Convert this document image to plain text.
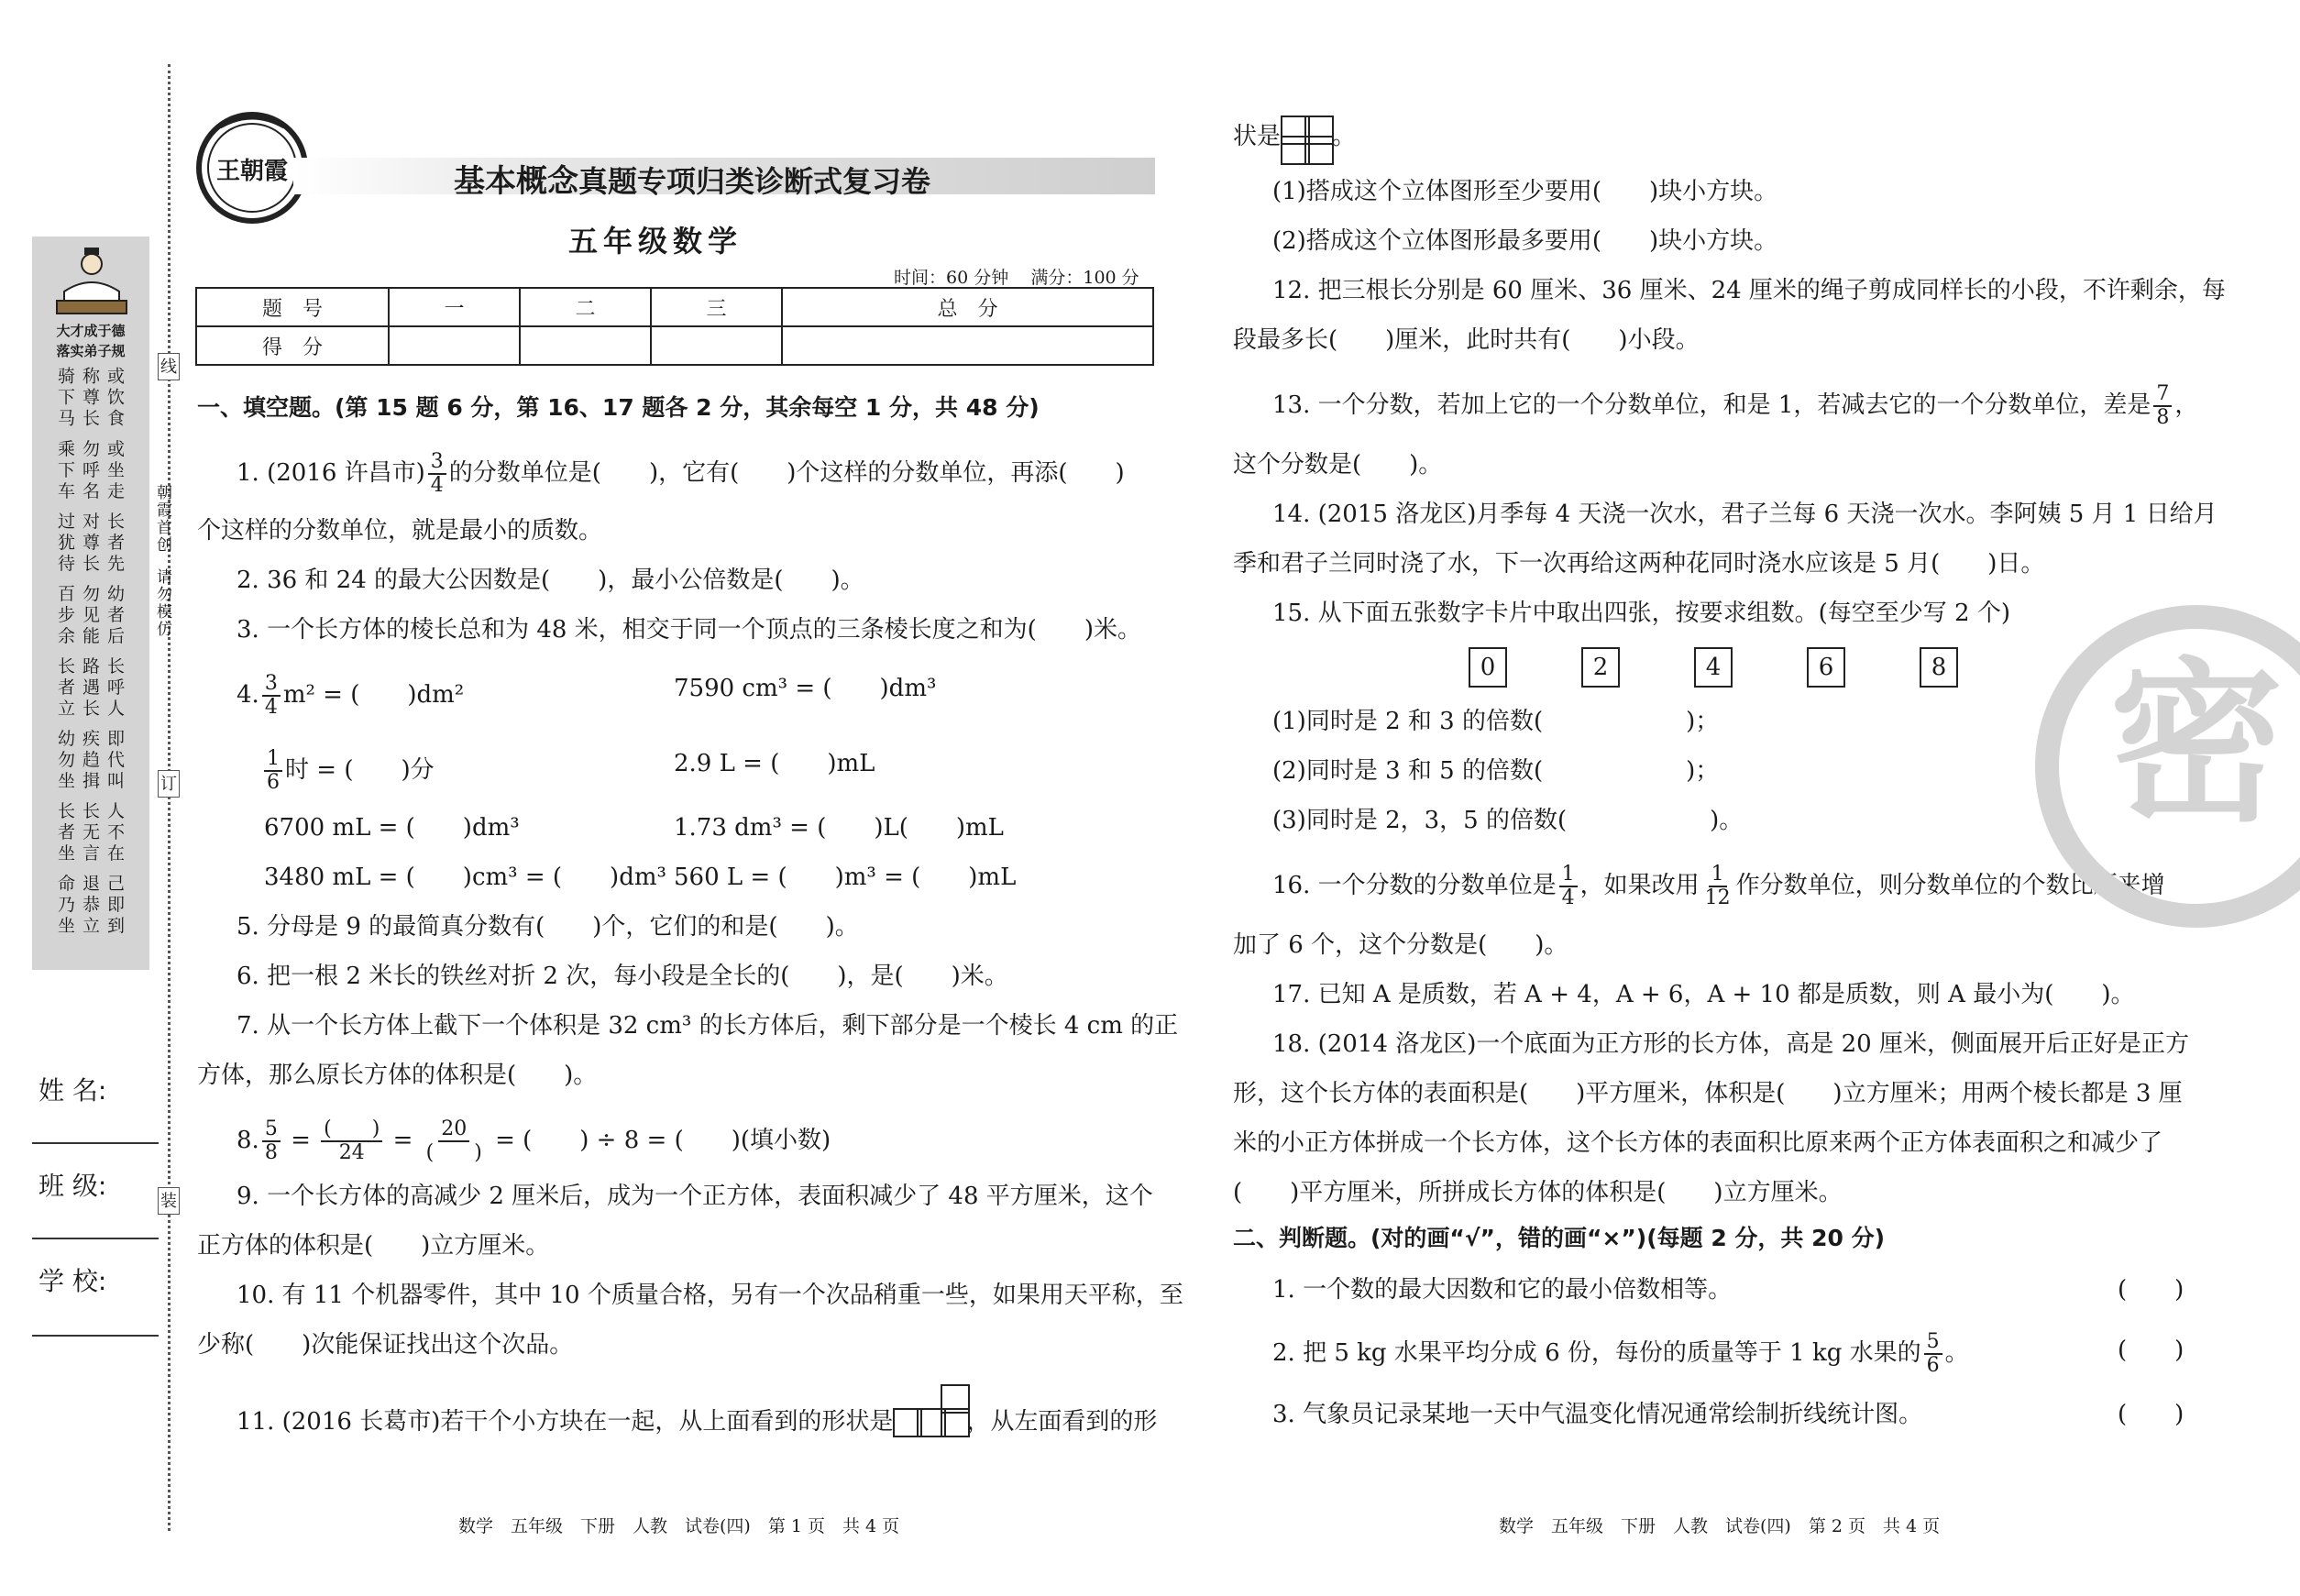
大才成于德
落实弟子规
或饮食 或坐走 长者先 幼者后 长呼人 即代叫 人不在 己即到
称尊长 勿呼名 对尊长 勿见能 路遇长 疾趋揖 长无言 退恭立
骑下马 乘下车 过犹待 百步余 长者立 幼勿坐 长者坐 命乃坐	朝霞首创
请勿模仿
线
订
装
姓 名:
班 级:
学 校:
王朝霞	基本概念真题专项归类诊断式复习卷
五年级数学
时间：60 分钟    满分：100 分
题　号	一	二	三	总　分
得　分				
一、填空题。(第 15 题 6 分，第 16、17 题各 2 分，其余每空 1 分，共 48 分)
1. (2016 许昌市) $\frac{3}{4}$ 的分数单位是(　　)，它有(　　)个这样的分数单位，再添(　　)
个这样的分数单位，就是最小的质数。
2. 36 和 24 的最大公因数是(　　)，最小公倍数是(　　)。
3. 一个长方体的棱长总和为 48 米，相交于同一个顶点的三条棱长度之和为(　　)米。
4. $\frac{3}{4} m^2$ = (　　)dm²	7590 cm³ = (　　)dm³
$\frac{1}{6}$ 时 = (　　)分	2.9 L = (　　)mL
6700 mL = (　　)dm³	1.73 dm³ = (　　)L(　　)mL
3480 mL = (　　)cm³ = (　　)dm³ 560 L = (　　)m³ = (　　)mL
5. 分母是 9 的最简真分数有(　　)个，它们的和是(　　)。
6. 把一根 2 米长的铁丝对折 2 次，每小段是全长的(　　)，是(　　)米。
7. 从一个长方体上截下一个体积是 32 cm³ 的长方体后，剩下部分是一个棱长 4 cm 的正
方体，那么原长方体的体积是(　　)。
8. $\frac{5}{8} = \frac{( )}{24} = \frac{20}{( )}$ = (　　) ÷ 8 = (　　)(填小数)
9. 一个长方体的高减少 2 厘米后，成为一个正方体，表面积减少了 48 平方厘米，这个
正方体的体积是(　　)立方厘米。
10. 有 11 个机器零件，其中 10 个质量合格，另有一个次品稍重一些，如果用天平称，至
少称(　　)次能保证找出这个次品。
11. (2016 长葛市)若干个小方块在一起，从上面看到的形状是	，从左面看到的形
状是 。
(1)搭成这个立体图形至少要用(　　)块小方块。
(2)搭成这个立体图形最多要用(　　)块小方块。
12. 把三根长分别是 60 厘米、36 厘米、24 厘米的绳子剪成同样长的小段，不许剩余，每
段最多长(　　)厘米，此时共有(　　)小段。
13. 一个分数，若加上它的一个分数单位，和是 1，若减去它的一个分数单位，差是 $\frac{7}{8}$ ，
这个分数是(　　)。
14. (2015 洛龙区)月季每 4 天浇一次水，君子兰每 6 天浇一次水。李阿姨 5 月 1 日给月
季和君子兰同时浇了水，下一次再给这两种花同时浇水应该是 5 月(　　)日。
15. 从下面五张数字卡片中取出四张，按要求组数。(每空至少写 2 个)
0	2	4	6	8
(1)同时是 2 和 3 的倍数(　　　　　　)；
(2)同时是 3 和 5 的倍数(　　　　　　)；
(3)同时是 2，3，5 的倍数(　　　　　　)。
16. 一个分数的分数单位是 $\frac{1}{4}$ ，如果改用 $\frac{1}{12}$ 作分数单位，则分数单位的个数比原来增
加了 6 个，这个分数是(　　)。
17. 已知 A 是质数，若 A + 4，A + 6，A + 10 都是质数，则 A 最小为(　　)。
18. (2014 洛龙区)一个底面为正方形的长方体，高是 20 厘米，侧面展开后正好是正方
形，这个长方体的表面积是(　　)平方厘米，体积是(　　)立方厘米；用两个棱长都是 3 厘
米的小正方体拼成一个长方体，这个长方体的表面积比原来两个正方体表面积之和减少了
(　　)平方厘米，所拼成长方体的体积是(　　)立方厘米。
二、判断题。(对的画“√”，错的画“×”)(每题 2 分，共 20 分)
1. 一个数的最大因数和它的最小倍数相等。	(　　)
2. 把 5 kg 水果平均分成 6 份，每份的质量等于 1 kg 水果的 $\frac{5}{6}$ 。	(　　)
3. 气象员记录某地一天中气温变化情况通常绘制折线统计图。	(　　)
密
数学　五年级　下册　人教　试卷(四)　第 1 页　共 4 页	数学　五年级　下册　人教　试卷(四)　第 2 页　共 4 页
